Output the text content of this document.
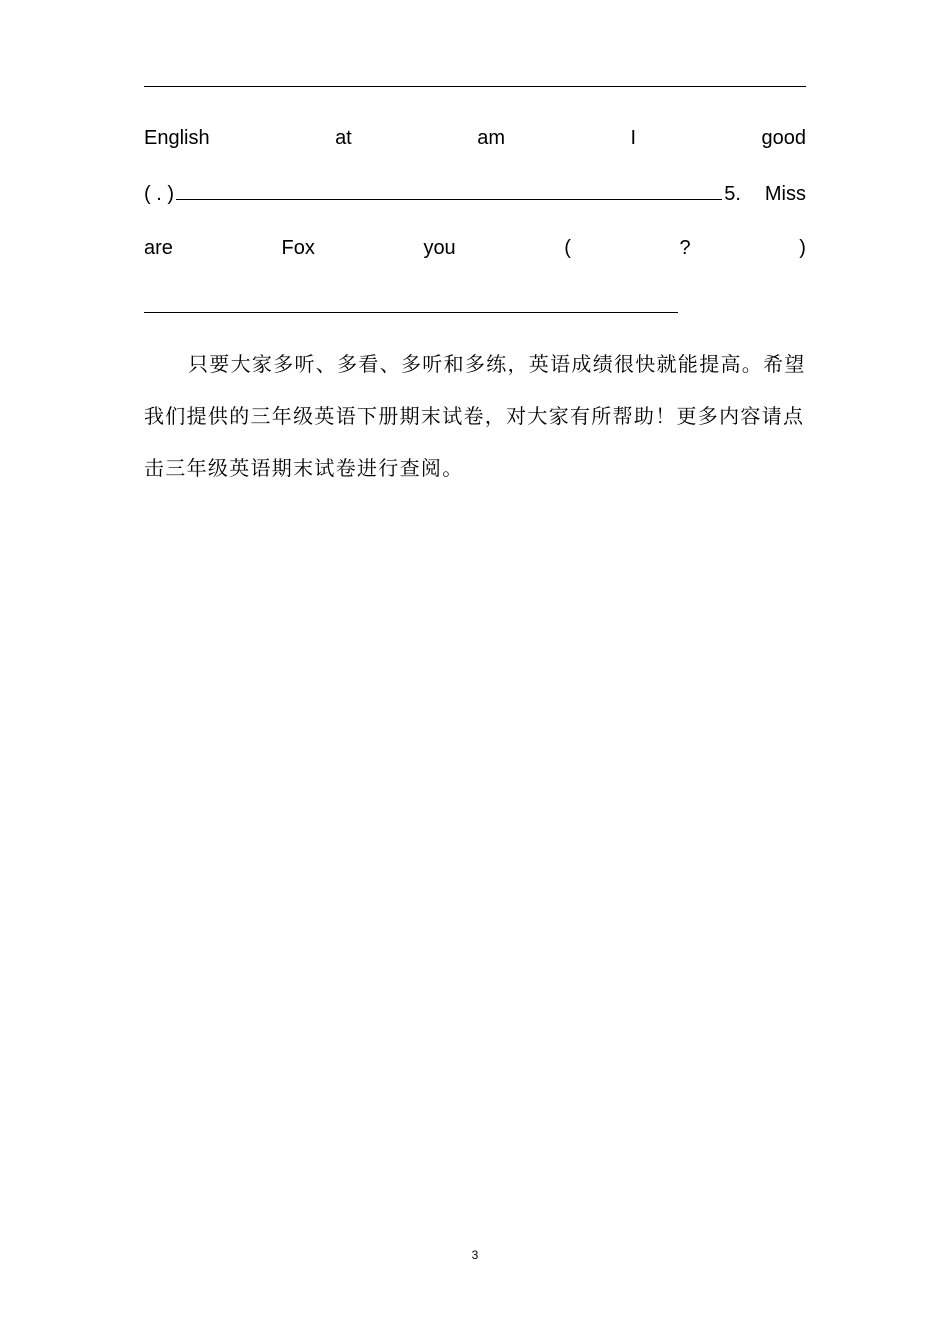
English	at	am	I	good
( . )	5. Miss
are	Fox	you	(	?	)

只要大家多听、多看、多听和多练，英语成绩很快就能提高。希望我们提供的三年级英语下册期末试卷，对大家有所帮助！更多内容请点击三年级英语期末试卷进行查阅。

3
